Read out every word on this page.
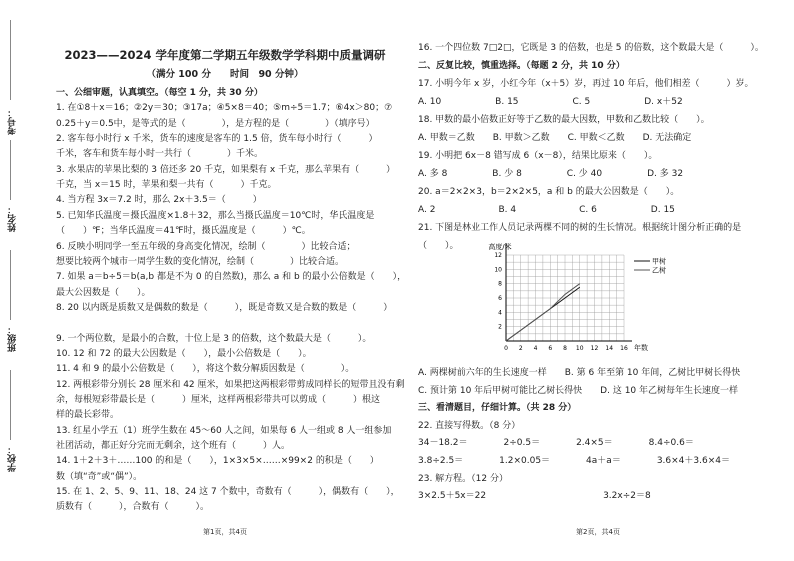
考号：
姓名：
班级：
学校：
2023——2024 学年度第二学期五年级数学学科期中质量调研
（满分 100 分　　时间　90 分钟）
一、公细审题，认真填空。（每空 1 分，共 30 分）
1. 在①8＋x＝16；②2y＝30；③17a；④5×8＝40；⑤m÷5＝1.7；⑥4x＞80；⑦
0.25＋y＝0.5中，是等式的是（　　　　），是方程的是（　　　　）（填序号）
2. 客车每小时行 x 千米，货车的速度是客车的 1.5 倍，货车每小时行（　　　）
千米，客车和货车每小时一共行（　　　　）千米。
3. 水果店的苹果比梨的 3 倍还多 20 千克，如果梨有 x 千克，那么苹果有（　　　）
千克，当 x＝15 时，苹果和梨一共有（　　　）千克。
4. 当方程 3x＝7.2 时，那么 2x＋3.5＝（　　　）
5. 已知华氏温度＝摄氏温度×1.8＋32，那么当摄氏温度＝10℃时，华氏温度是
（　　）℉；当华氏温度＝41℉时，摄氏温度是（　　　）℃。
6. 反映小明同学一至五年级的身高变化情况，绘制（　　　　）比较合适；
想要比较两个城市一周学生数的变化情况，绘制（　　　　）比较合适。
7. 如果 a＝b÷5＝b(a,b 都是不为 0 的自然数)，那么 a 和 b 的最小公倍数是（　　），
最大公因数是（　　）。
8. 20 以内既是质数又是偶数的数是（　　　），既是奇数又是合数的数是（　　　）
9. 一个两位数，是最小的合数，十位上是 3 的倍数，这个数最大是（　　　）。
10. 12 和 72 的最大公因数是（　　），最小公倍数是（　　）。
11. 4 和 9 的最小公倍数是（　　），将这个数分解质因数是（　　　　）。
12. 两根彩带分别长 28 厘米和 42 厘米，如果把这两根彩带剪成同样长的短带且没有剩
余，每根短彩带最长是（　　　）厘米，这样两根彩带共可以剪成（　　　）根这
样的最长彩带。
13. 红星小学五（1）班学生数在 45～60 人之间，如果每 6 人一组或 8 人一组参加
社团活动，都正好分完而无剩余，这个班有（　　　）人。
14. 1＋2＋3＋……100 的和是（　　），1×3×5×……×99×2 的积是（　　）
数（填“奇”或“偶”）。
15. 在 1、2、5、9、11、18、24 这 7 个数中，奇数有（　　　），偶数有（　　），
质数有（　　　），合数有（　　　）。
第1页，共4页
16. 一个四位数 7□2□，它既是 3 的倍数，也是 5 的倍数，这个数最大是（　　　）。
二、反复比较，慎重选择。（每题 2 分，共 10 分）
17. 小明今年 x 岁，小红今年（x＋5）岁，再过 10 年后，他们相差（　　　）岁。
A. 10　　　　　　B. 15　　　　　　C. 5　　　　　　D. x＋52
18. 甲数的最小倍数正好等于乙数的最大因数，甲数和乙数比较（　　）。
A. 甲数＝乙数　　B. 甲数＞乙数　　C. 甲数＜乙数　　D. 无法确定
19. 小明把 6x－8 错写成 6（x－8），结果比原来（　　）。
A. 多 8　　　　　B. 少 8　　　　　C. 少 40　　　　　D. 多 32
20. a＝2×2×3，b＝2×2×5，a 和 b 的最大公因数是（　　）。
A. 2　　　　　　　B. 4　　　　　　　C. 6　　　　　　D. 15
21. 下图是林业工作人员记录两棵不同的树的生长情况。根据统计图分析正确的是
（　　）。
0 2 4 6 8 10 12 14 16
2
4
6
8
10
12
高度/米
年数
甲树
乙树
A. 两棵树前六年的生长速度一样　　B. 第 6 年至第 10 年间，乙树比甲树长得快
C. 预计第 10 年后甲树可能比乙树长得快　　D. 这 10 年乙树每年生长速度一样
三、看清题目，仔细计算。（共 28 分）
22. 直接写得数。（8 分）
34－18.2＝　　　　2÷0.5＝　　　　2.4×5＝　　　　8.4÷0.6＝
3.8÷2.5＝　　　　1.2×0.05＝　　　　4a＋a＝　　　　3.6×4＋3.6×4＝
23. 解方程。（12 分）
3×2.5＋5x＝22　　　　　　　　　　　　　3.2x÷2＝8
第2页，共4页
